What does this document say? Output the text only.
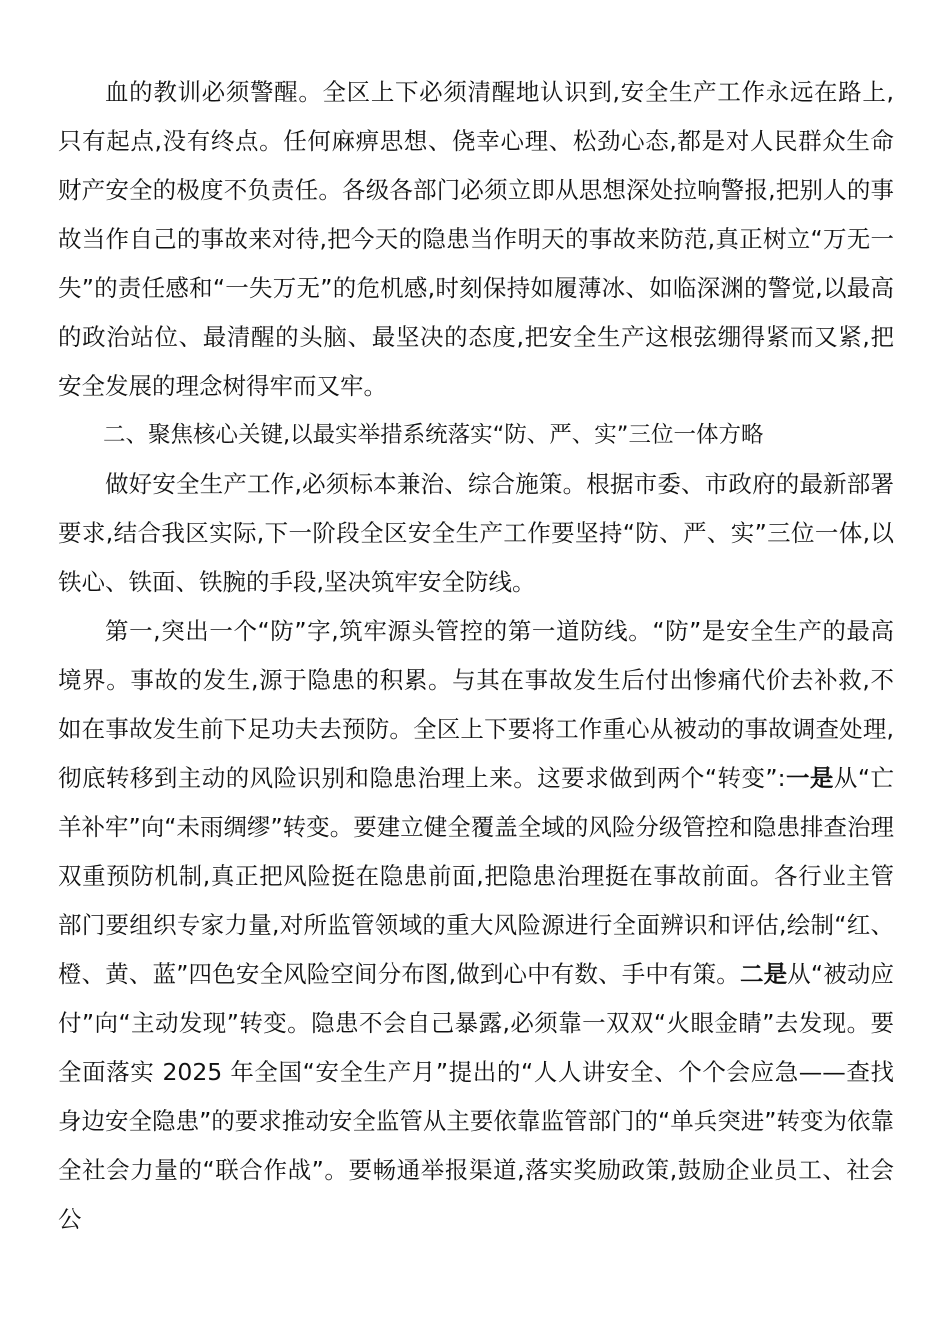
血的教训必须警醒。全区上下必须清醒地认识到,安全生产工作永远在路上,只有起点,没有终点。任何麻痹思想、侥幸心理、松劲心态,都是对人民群众生命财产安全的极度不负责任。各级各部门必须立即从思想深处拉响警报,把别人的事故当作自己的事故来对待,把今天的隐患当作明天的事故来防范,真正树立“万无一失”的责任感和“一失万无”的危机感,时刻保持如履薄冰、如临深渊的警觉,以最高的政治站位、最清醒的头脑、最坚决的态度,把安全生产这根弦绷得紧而又紧,把安全发展的理念树得牢而又牢。

二、聚焦核心关键,以最实举措系统落实“防、严、实”三位一体方略

做好安全生产工作,必须标本兼治、综合施策。根据市委、市政府的最新部署要求,结合我区实际,下一阶段全区安全生产工作要坚持“防、严、实”三位一体,以铁心、铁面、铁腕的手段,坚决筑牢安全防线。

第一,突出一个“防”字,筑牢源头管控的第一道防线。“防”是安全生产的最高境界。事故的发生,源于隐患的积累。与其在事故发生后付出惨痛代价去补救,不如在事故发生前下足功夫去预防。全区上下要将工作重心从被动的事故调查处理,彻底转移到主动的风险识别和隐患治理上来。这要求做到两个“转变”:一是从“亡羊补牢”向“未雨绸缪”转变。要建立健全覆盖全域的风险分级管控和隐患排查治理双重预防机制,真正把风险挺在隐患前面,把隐患治理挺在事故前面。各行业主管部门要组织专家力量,对所监管领域的重大风险源进行全面辨识和评估,绘制“红、橙、黄、蓝”四色安全风险空间分布图,做到心中有数、手中有策。二是从“被动应付”向“主动发现”转变。隐患不会自己暴露,必须靠一双双“火眼金睛”去发现。要全面落实 2025 年全国“安全生产月”提出的“人人讲安全、个个会应急——查找身边安全隐患”的要求推动安全监管从主要依靠监管部门的“单兵突进”转变为依靠全社会力量的“联合作战”。要畅通举报渠道,落实奖励政策,鼓励企业员工、社会公
